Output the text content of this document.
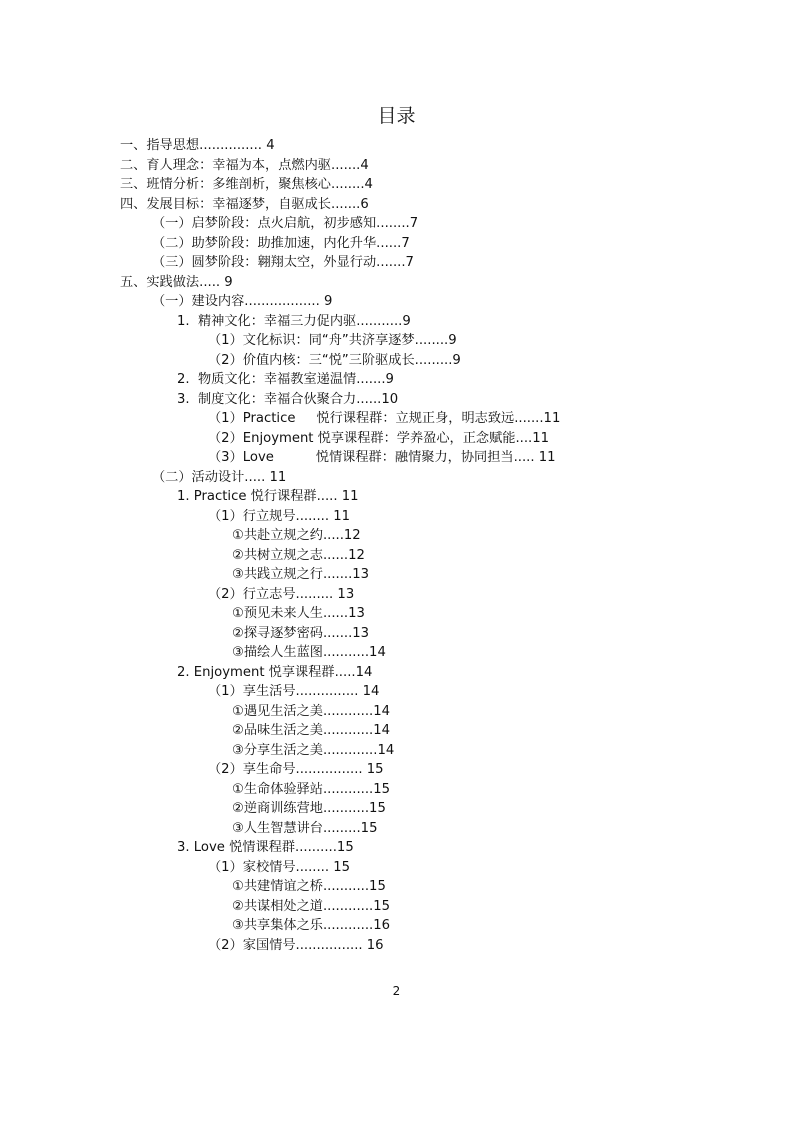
目录
一、指导思想............... 4
二、育人理念：幸福为本，点燃内驱.......4
三、班情分析：多维剖析，聚焦核心........4
四、发展目标：幸福逐梦，自驱成长.......6
（一）启梦阶段：点火启航，初步感知........7
（二）助梦阶段：助推加速，内化升华......7
（三）圆梦阶段：翱翔太空，外显行动.......7
五、实践做法..... 9
（一）建设内容.................. 9
1.  精神文化：幸福三力促内驱...........9
（1）文化标识：同“舟”共济享逐梦........9
（2）价值内核：三“悦”三阶驱成长.........9
2.  物质文化：幸福教室递温情.......9
3.  制度文化：幸福合伙聚合力......10
（1）Practice     悦行课程群：立规正身，明志致远.......11
（2）Enjoyment 悦享课程群：学养盈心，正念赋能....11
（3）Love          悦情课程群：融情聚力，协同担当..... 11
（二）活动设计..... 11
1. Practice 悦行课程群..... 11
（1）行立规号........ 11
①共赴立规之约.....12
②共树立规之志......12
③共践立规之行.......13
（2）行立志号......... 13
①预见未来人生......13
②探寻逐梦密码.......13
③描绘人生蓝图...........14
2. Enjoyment 悦享课程群.....14
（1）享生活号............... 14
①遇见生活之美............14
②品味生活之美............14
③分享生活之美.............14
（2）享生命号................ 15
①生命体验驿站............15
②逆商训练营地...........15
③人生智慧讲台.........15
3. Love 悦情课程群..........15
（1）家校情号........ 15
①共建情谊之桥...........15
②共谋相处之道............15
③共享集体之乐............16
（2）家国情号................ 16
2
